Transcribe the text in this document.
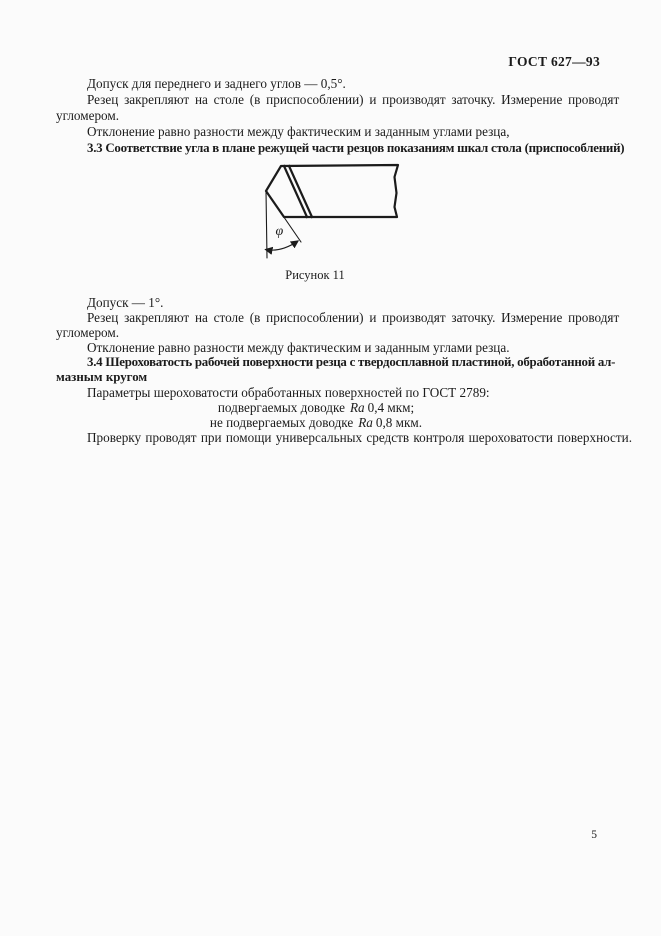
ГОСТ 627—93
Допуск для переднего и заднего углов — 0,5°.
Резец закрепляют на столе (в приспособлении) и производят заточку. Измерение проводят
угломером.
Отклонение равно разности между фактическим и заданным углами резца,
3.3 Соответствие угла в плане режущей части резцов показаниям шкал стола (приспособлений)
φ
Рисунок 11
Допуск — 1°.
Резец закрепляют на столе (в приспособлении) и производят заточку. Измерение проводят
угломером.
Отклонение равно разности между фактическим и заданным углами резца.
3.4 Шероховатость рабочей поверхности резца с твердосплавной пластиной, обработанной ал-
мазным кругом
Параметры шероховатости обработанных поверхностей по ГОСТ 2789:
подвергаемых доводке Ra 0,4 мкм;
не подвергаемых доводке Ra 0,8 мкм.
Проверку проводят при помощи универсальных средств контроля шероховатости поверхности.
5
